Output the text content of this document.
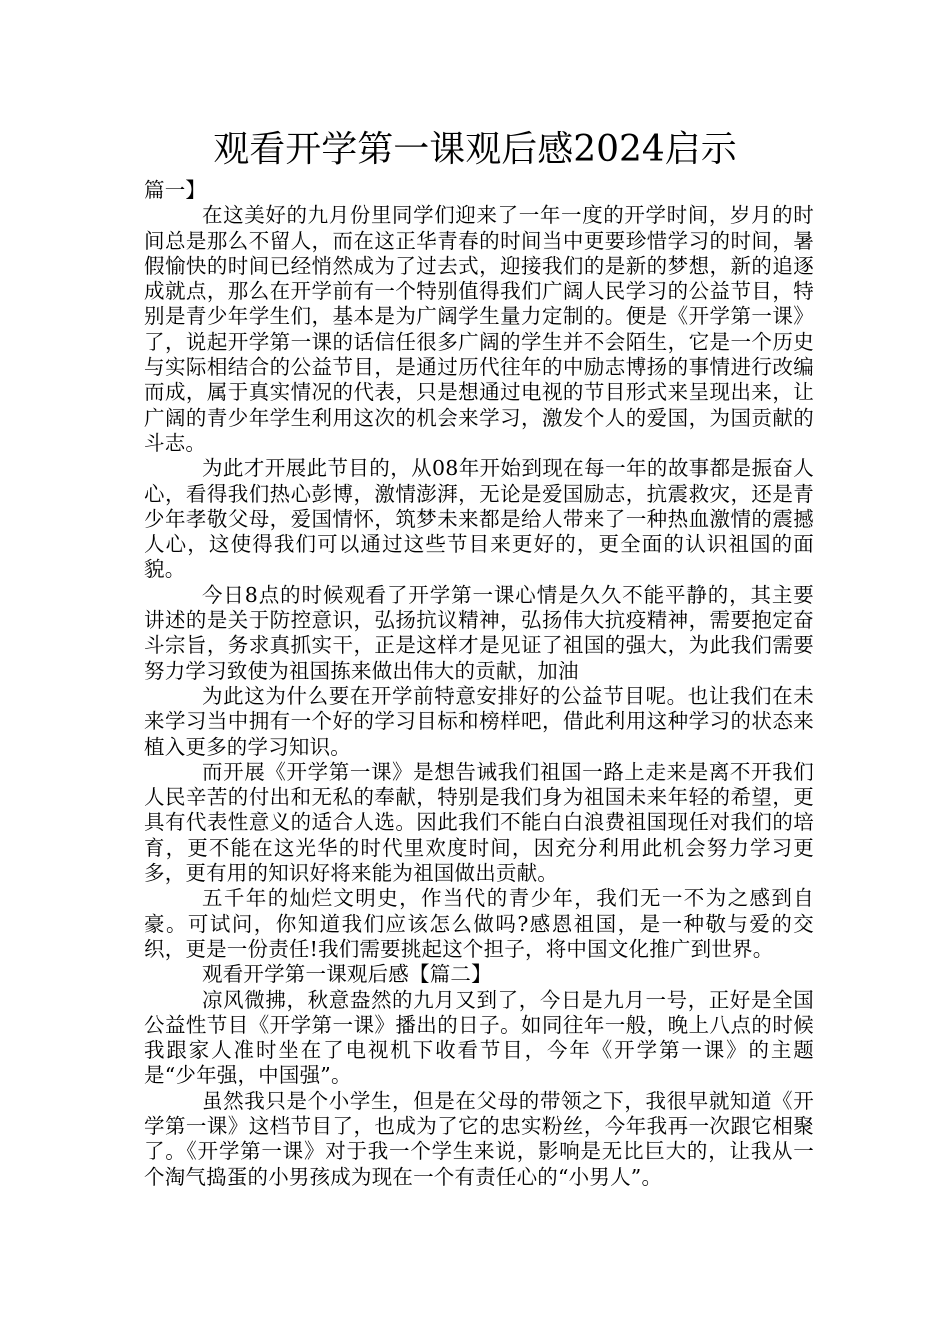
观看开学第一课观后感2024启示

篇一】

在这美好的九月份里同学们迎来了一年一度的开学时间，岁月的时间总是那么不留人，而在这正华青春的时间当中更要珍惜学习的时间，暑假愉快的时间已经悄然成为了过去式，迎接我们的是新的梦想，新的追逐成就点，那么在开学前有一个特别值得我们广阔人民学习的公益节目，特别是青少年学生们，基本是为广阔学生量力定制的。便是《开学第一课》了，说起开学第一课的话信任很多广阔的学生并不会陌生，它是一个历史与实际相结合的公益节目，是通过历代往年的中励志博扬的事情进行改编而成，属于真实情况的代表，只是想通过电视的节目形式来呈现出来，让广阔的青少年学生利用这次的机会来学习，激发个人的爱国，为国贡献的斗志。

为此才开展此节目的，从08年开始到现在每一年的故事都是振奋人心，看得我们热心彭博，激情澎湃，无论是爱国励志，抗震救灾，还是青少年孝敬父母，爱国情怀，筑梦未来都是给人带来了一种热血激情的震撼人心，这使得我们可以通过这些节目来更好的，更全面的认识祖国的面貌。

今日8点的时候观看了开学第一课心情是久久不能平静的，其主要讲述的是关于防控意识，弘扬抗议精神，弘扬伟大抗疫精神，需要抱定奋斗宗旨，务求真抓实干，正是这样才是见证了祖国的强大，为此我们需要努力学习致使为祖国拣来做出伟大的贡献，加油

为此这为什么要在开学前特意安排好的公益节目呢。也让我们在未来学习当中拥有一个好的学习目标和榜样吧，借此利用这种学习的状态来植入更多的学习知识。

而开展《开学第一课》是想告诫我们祖国一路上走来是离不开我们人民辛苦的付出和无私的奉献，特别是我们身为祖国未来年轻的希望，更具有代表性意义的适合人选。因此我们不能白白浪费祖国现任对我们的培育，更不能在这光华的时代里欢度时间，因充分利用此机会努力学习更多，更有用的知识好将来能为祖国做出贡献。

五千年的灿烂文明史，作当代的青少年，我们无一不为之感到自豪。可试问，你知道我们应该怎么做吗?感恩祖国，是一种敬与爱的交织，更是一份责任!我们需要挑起这个担子，将中国文化推广到世界。

观看开学第一课观后感【篇二】

凉风微拂，秋意盎然的九月又到了，今日是九月一号，正好是全国公益性节目《开学第一课》播出的日子。如同往年一般，晚上八点的时候我跟家人准时坐在了电视机下收看节目，今年《开学第一课》的主题是“少年强，中国强”。

虽然我只是个小学生，但是在父母的带领之下，我很早就知道《开学第一课》这档节目了，也成为了它的忠实粉丝，今年我再一次跟它相聚了。《开学第一课》对于我一个学生来说，影响是无比巨大的，让我从一个淘气捣蛋的小男孩成为现在一个有责任心的“小男人”。
